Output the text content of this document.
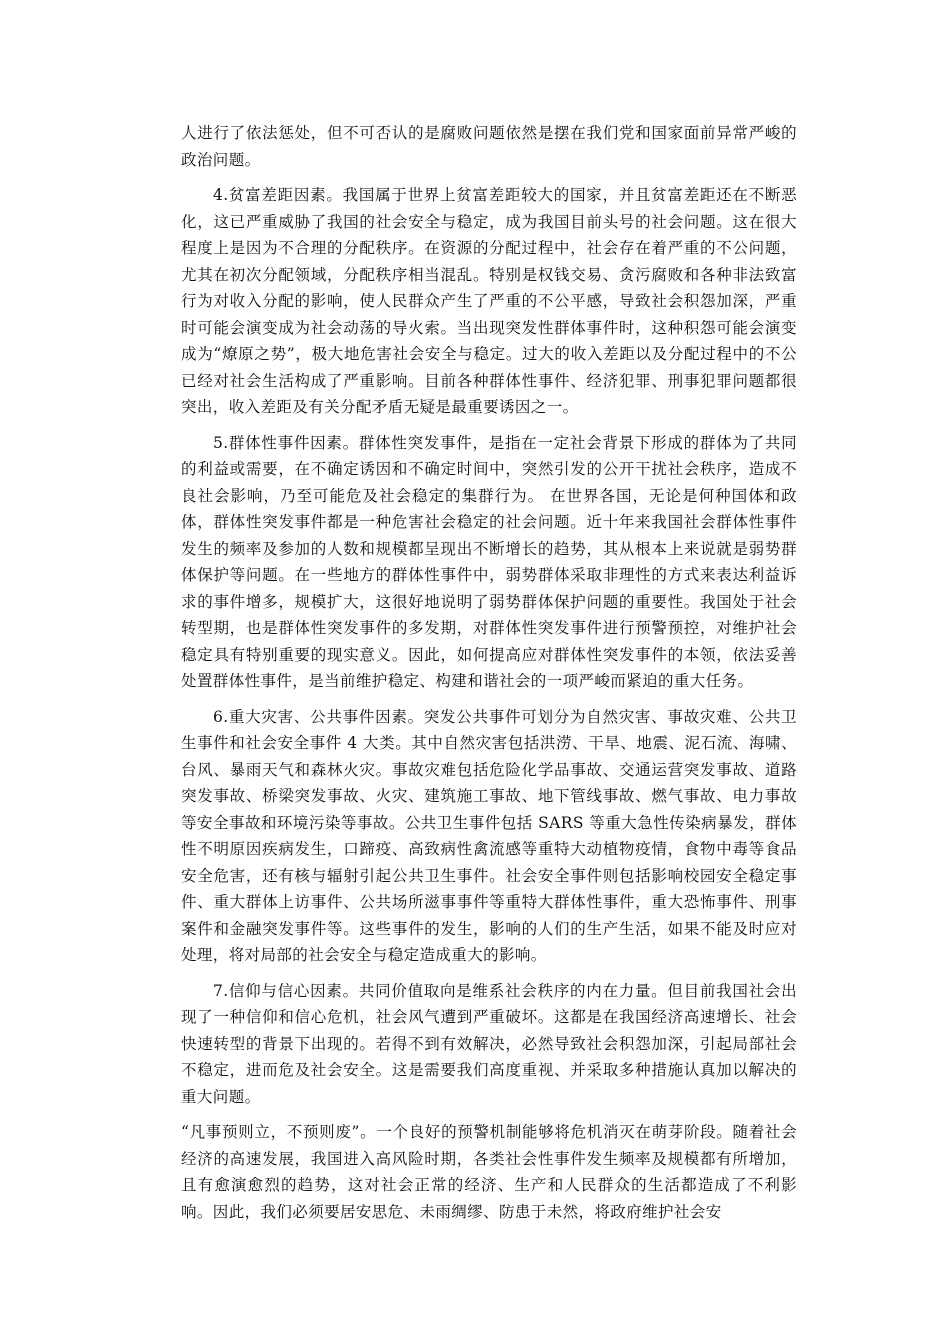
人进行了依法惩处，但不可否认的是腐败问题依然是摆在我们党和国家面前异常严峻的政治问题。

4.贫富差距因素。我国属于世界上贫富差距较大的国家，并且贫富差距还在不断恶化，这已严重威胁了我国的社会安全与稳定，成为我国目前头号的社会问题。这在很大程度上是因为不合理的分配秩序。在资源的分配过程中，社会存在着严重的不公问题，尤其在初次分配领域，分配秩序相当混乱。特别是权钱交易、贪污腐败和各种非法致富行为对收入分配的影响，使人民群众产生了严重的不公平感，导致社会积怨加深，严重时可能会演变成为社会动荡的导火索。当出现突发性群体事件时，这种积怨可能会演变成为“燎原之势”，极大地危害社会安全与稳定。过大的收入差距以及分配过程中的不公已经对社会生活构成了严重影响。目前各种群体性事件、经济犯罪、刑事犯罪问题都很突出，收入差距及有关分配矛盾无疑是最重要诱因之一。

5.群体性事件因素。群体性突发事件，是指在一定社会背景下形成的群体为了共同的利益或需要，在不确定诱因和不确定时间中，突然引发的公开干扰社会秩序，造成不良社会影响，乃至可能危及社会稳定的集群行为。 在世界各国，无论是何种国体和政体，群体性突发事件都是一种危害社会稳定的社会问题。近十年来我国社会群体性事件发生的频率及参加的人数和规模都呈现出不断增长的趋势，其从根本上来说就是弱势群体保护等问题。在一些地方的群体性事件中，弱势群体采取非理性的方式来表达利益诉求的事件增多，规模扩大，这很好地说明了弱势群体保护问题的重要性。我国处于社会转型期，也是群体性突发事件的多发期，对群体性突发事件进行预警预控，对维护社会稳定具有特别重要的现实意义。因此，如何提高应对群体性突发事件的本领，依法妥善处置群体性事件，是当前维护稳定、构建和谐社会的一项严峻而紧迫的重大任务。

6.重大灾害、公共事件因素。突发公共事件可划分为自然灾害、事故灾难、公共卫生事件和社会安全事件 4 大类。其中自然灾害包括洪涝、干旱、地震、泥石流、海啸、台风、暴雨天气和森林火灾。事故灾难包括危险化学品事故、交通运营突发事故、道路突发事故、桥梁突发事故、火灾、建筑施工事故、地下管线事故、燃气事故、电力事故等安全事故和环境污染等事故。公共卫生事件包括 SARS 等重大急性传染病暴发，群体性不明原因疾病发生，口蹄疫、高致病性禽流感等重特大动植物疫情，食物中毒等食品安全危害，还有核与辐射引起公共卫生事件。社会安全事件则包括影响校园安全稳定事件、重大群体上访事件、公共场所滋事事件等重特大群体性事件，重大恐怖事件、刑事案件和金融突发事件等。这些事件的发生，影响的人们的生产生活，如果不能及时应对处理，将对局部的社会安全与稳定造成重大的影响。

7.信仰与信心因素。共同价值取向是维系社会秩序的内在力量。但目前我国社会出现了一种信仰和信心危机，社会风气遭到严重破坏。这都是在我国经济高速增长、社会快速转型的背景下出现的。若得不到有效解决，必然导致社会积怨加深，引起局部社会不稳定，进而危及社会安全。这是需要我们高度重视、并采取多种措施认真加以解决的重大问题。

“凡事预则立，不预则废”。一个良好的预警机制能够将危机消灭在萌芽阶段。随着社会经济的高速发展，我国进入高风险时期，各类社会性事件发生频率及规模都有所增加，且有愈演愈烈的趋势，这对社会正常的经济、生产和人民群众的生活都造成了不利影响。因此，我们必须要居安思危、未雨绸缪、防患于未然，将政府维护社会安
